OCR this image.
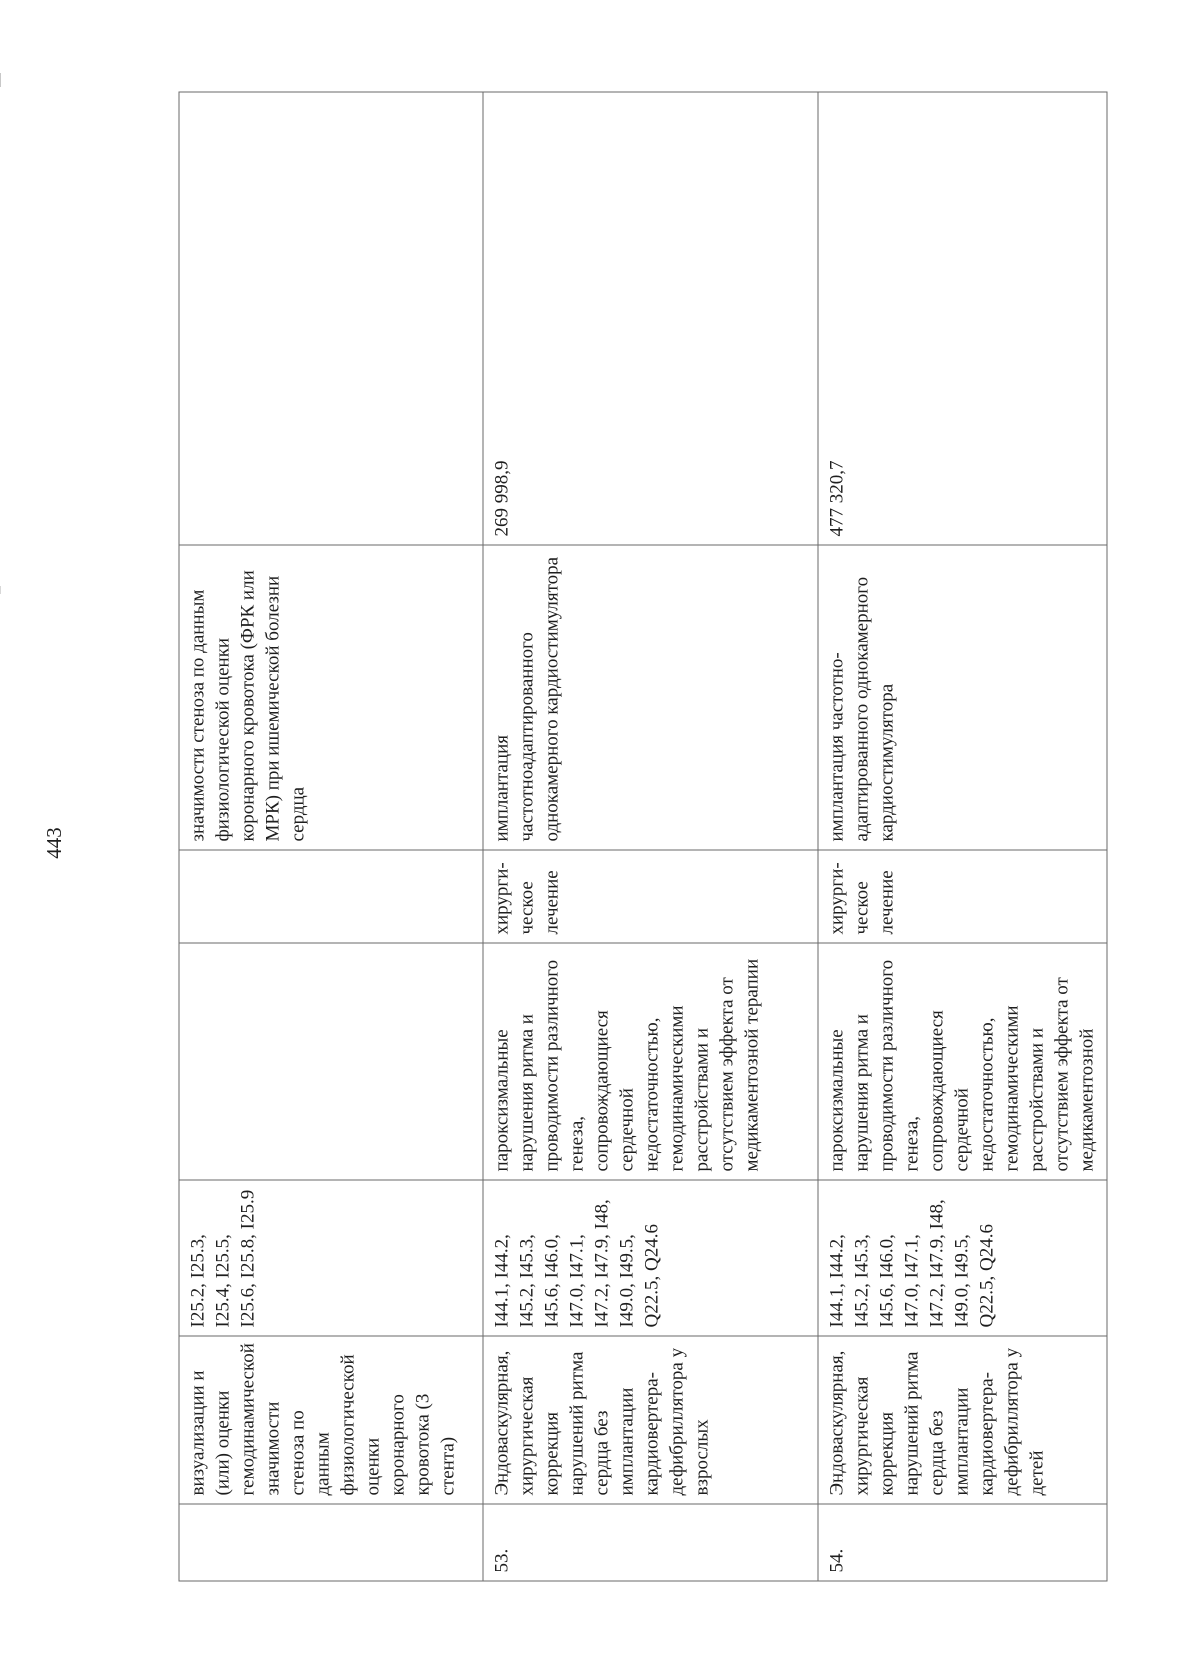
443
	визуализации и (или) оценки гемодинамической значимости стеноза по данным физиологической оценки коронарного кровотока (3 стента)	I25.2, I25.3, I25.4, I25.5, I25.6, I25.8, I25.9			значимости стеноза по данным физиологической оценки коронарного кровотока (ФРК или МРК) при ишемической болезни сердца	
53.	Эндоваскулярная, хирургическая коррекция нарушений ритма сердца без имплантации кардиовертера-дефибриллятора у взрослых	I44.1, I44.2, I45.2, I45.3, I45.6, I46.0, I47.0, I47.1, I47.2, I47.9, I48, I49.0, I49.5, Q22.5, Q24.6	пароксизмальные нарушения ритма и проводимости различного генеза, сопровождающиеся сердечной недостаточностью, гемодинамическими расстройствами и отсутствием эффекта от медикаментозной терапии	хирурги-ческое лечение	имплантация частотноадаптированного однокамерного кардиостимулятора	269 998,9
54.	Эндоваскулярная, хирургическая коррекция нарушений ритма сердца без имплантации кардиовертера-дефибриллятора у детей	I44.1, I44.2, I45.2, I45.3, I45.6, I46.0, I47.0, I47.1, I47.2, I47.9, I48, I49.0, I49.5, Q22.5, Q24.6	пароксизмальные нарушения ритма и проводимости различного генеза, сопровождающиеся сердечной недостаточностью, гемодинамическими расстройствами и отсутствием эффекта от медикаментозной	хирурги-ческое лечение	имплантация частотно-адаптированного однокамерного кардиостимулятора	477 320,7
